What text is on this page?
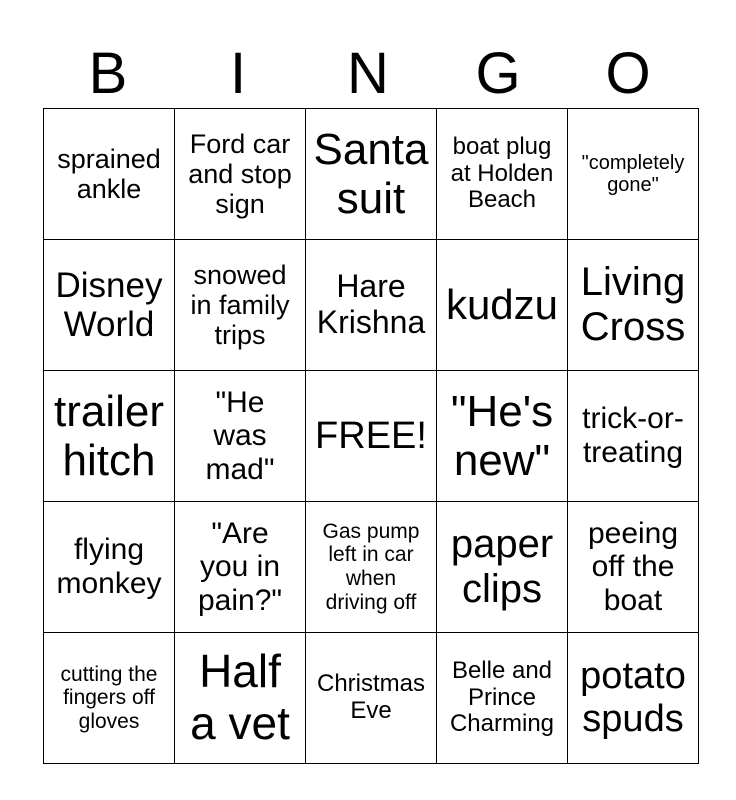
B	I	N	G	O
sprained
ankle	Ford car
and stop
sign	Santa
suit	boat plug
at Holden
Beach	"completely
gone"

Disney
World	snowed
in family
trips	Hare
Krishna	kudzu	Living
Cross

trailer
hitch	"He
was
mad"	FREE!	"He's
new"	trick-or-
treating

flying
monkey	"Are
you in
pain?"	Gas pump
left in car
when
driving off	paper
clips	peeing
off the
boat

cutting the
fingers off
gloves	Half
a vet	Christmas
Eve	Belle and
Prince
Charming	potato
spuds
